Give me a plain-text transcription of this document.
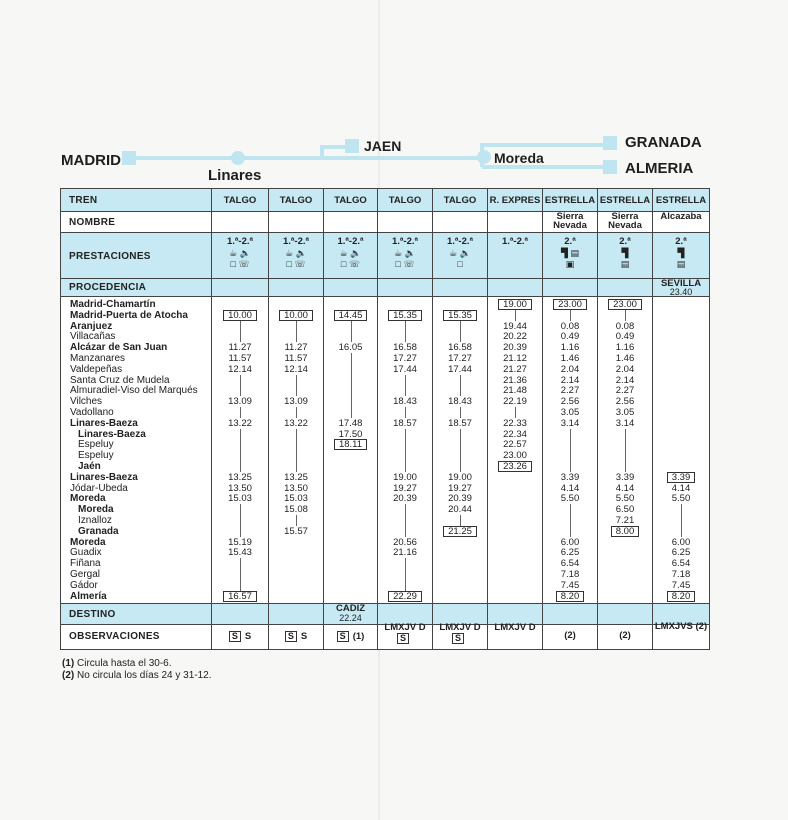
MADRID
Linares
JAEN
Moreda
GRANADA
ALMERIA
TREN
NOMBRE
PRESTACIONES
PROCEDENCIA
DESTINO
OBSERVACIONES
Madrid-Chamartín
Madrid-Puerta de Atocha
Aranjuez
Villacañas
Alcázar de San Juan
Manzanares
Valdepeñas
Santa Cruz de Mudela
Almuradiel-Viso del Marqués
Vilches
Vadollano
Linares-Baeza
Linares-Baeza
Espeluy
Espeluy
Jaén
Linares-Baeza
Jódar-Ubeda
Moreda
Moreda
Iznalloz
Granada
Moreda
Guadix
Fiñana
Gergal
Gádor
Almería
TALGO
1.ª-2.ª
☕ 🔈
□ ☏
S S
10.00
11.27
11.57
12.14
13.09
13.22
13.25
13.50
15.03
15.19
15.43
16.57
TALGO
1.ª-2.ª
☕ 🔈
□ ☏
S S
10.00
11.27
11.57
12.14
13.09
13.22
13.25
13.50
15.03
15.08
15.57
TALGO
1.ª-2.ª
☕ 🔈
□ ☏
CADIZ
22.24
S (1)
14.45
16.05
17.48
17.50
18.11
TALGO
1.ª-2.ª
☕ 🔈
□ ☏
LMXJV D
S
15.35
16.58
17.27
17.44
18.43
18.57
19.00
19.27
20.39
20.56
21.16
22.29
TALGO
1.ª-2.ª
☕ 🔈
□
LMXJV D
S
15.35
16.58
17.27
17.44
18.43
18.57
19.00
19.27
20.39
20.44
21.25
R. EXPRES
1.ª-2.ª
LMXJV D
19.00
19.44
20.22
20.39
21.12
21.27
21.36
21.48
22.19
22.33
22.34
22.57
23.00
23.26
ESTRELLA
Sierra Nevada
2.ª
▜ ▤
▣
(2)
23.00
0.08
0.49
1.16
1.46
2.04
2.14
2.27
2.56
3.05
3.14
3.39
4.14
5.50
6.00
6.25
6.54
7.18
7.45
8.20
ESTRELLA
Sierra Nevada
2.ª
▜
▤
(2)
23.00
0.08
0.49
1.16
1.46
2.04
2.14
2.27
2.56
3.05
3.14
3.39
4.14
5.50
6.50
7.21
8.00
ESTRELLA
Alcazaba
2.ª
▜
▤
SEVILLA
23.40
LMXJVS (2)
3.39
4.14
5.50
6.00
6.25
6.54
7.18
7.45
8.20
(1) Circula hasta el 30-6.
(2) No circula los días 24 y 31-12.
